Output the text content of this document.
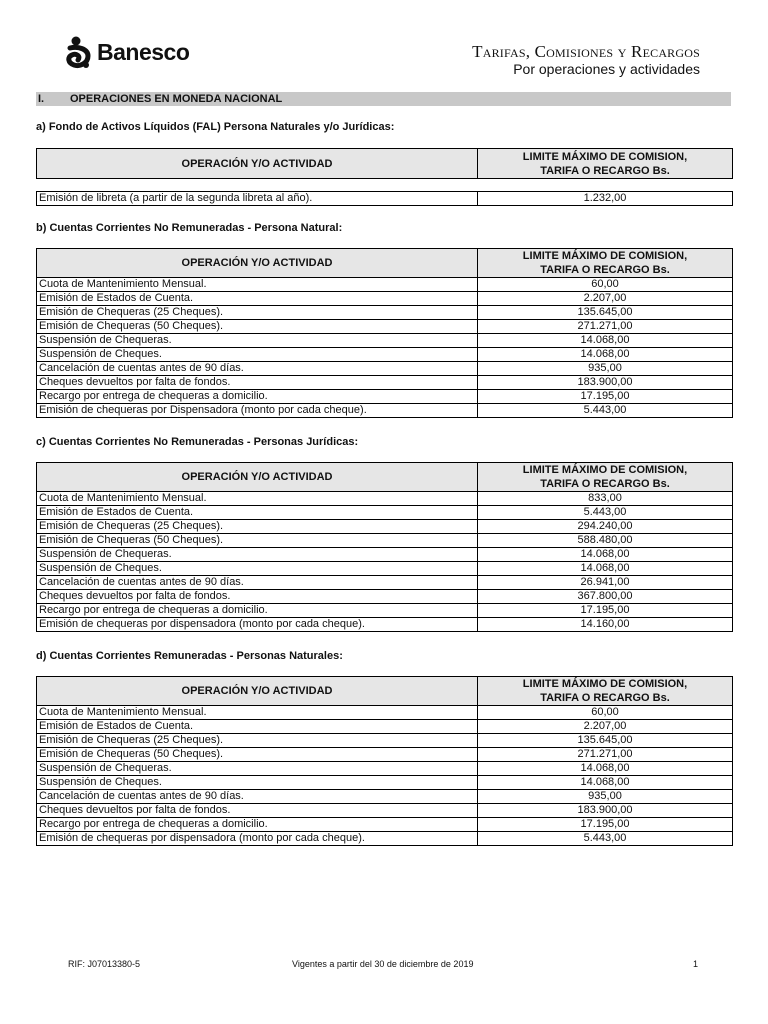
Banesco	Tarifas, Comisiones y Recargos
Por operaciones y actividades
I. OPERACIONES EN MONEDA NACIONAL
a) Fondo de Activos Líquidos (FAL) Persona Naturales y/o Jurídicas:
OPERACIÓN Y/O ACTIVIDAD
LIMITE MÁXIMO DE COMISION,
TARIFA O RECARGO Bs.
Emisión de libreta (a partir de la segunda libreta al año).	1.232,00
b) Cuentas Corrientes No Remuneradas - Persona Natural:
OPERACIÓN Y/O ACTIVIDAD
LIMITE MÁXIMO DE COMISION,
TARIFA O RECARGO Bs.
Cuota de Mantenimiento Mensual.	60,00
Emisión de Estados de Cuenta.	2.207,00
Emisión de Chequeras (25 Cheques).	135.645,00
Emisión de Chequeras (50 Cheques).	271.271,00
Suspensión de Chequeras.	14.068,00
Suspensión de Cheques.	14.068,00
Cancelación de cuentas antes de 90 días.	935,00
Cheques devueltos por falta de fondos.	183.900,00
Recargo por entrega de chequeras a domicilio.	17.195,00
Emisión de chequeras por Dispensadora (monto por cada cheque).	5.443,00
c) Cuentas Corrientes No Remuneradas - Personas Jurídicas:
OPERACIÓN Y/O ACTIVIDAD
LIMITE MÁXIMO DE COMISION,
TARIFA O RECARGO Bs.
Cuota de Mantenimiento Mensual.	833,00
Emisión de Estados de Cuenta.	5.443,00
Emisión de Chequeras (25 Cheques).	294.240,00
Emisión de Chequeras (50 Cheques).	588.480,00
Suspensión de Chequeras.	14.068,00
Suspensión de Cheques.	14.068,00
Cancelación de cuentas antes de 90 días.	26.941,00
Cheques devueltos por falta de fondos.	367.800,00
Recargo por entrega de chequeras a domicilio.	17.195,00
Emisión de chequeras por dispensadora (monto por cada cheque).	14.160,00
d) Cuentas Corrientes Remuneradas - Personas Naturales:
OPERACIÓN Y/O ACTIVIDAD
LIMITE MÁXIMO DE COMISION,
TARIFA O RECARGO Bs.
Cuota de Mantenimiento Mensual.	60,00
Emisión de Estados de Cuenta.	2.207,00
Emisión de Chequeras (25 Cheques).	135.645,00
Emisión de Chequeras (50 Cheques).	271.271,00
Suspensión de Chequeras.	14.068,00
Suspensión de Cheques.	14.068,00
Cancelación de cuentas antes de 90 días.	935,00
Cheques devueltos por falta de fondos.	183.900,00
Recargo por entrega de chequeras a domicilio.	17.195,00
Emisión de chequeras por dispensadora (monto por cada cheque).	5.443,00
RIF: J07013380-5	Vigentes a partir del 30 de diciembre de 2019	1
